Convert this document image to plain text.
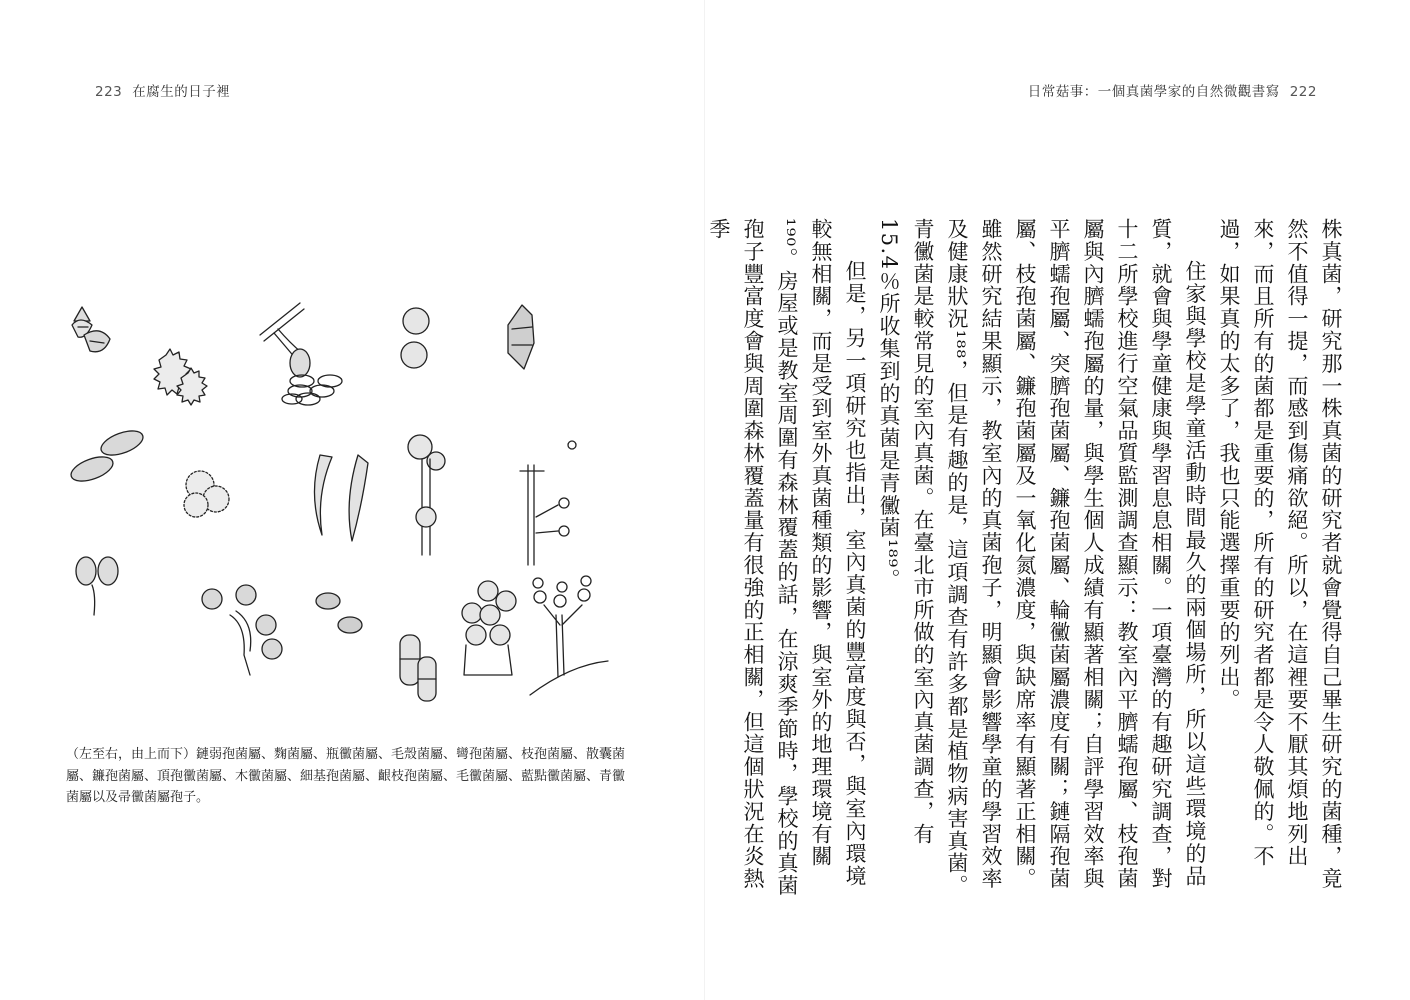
223 在腐生的日子裡	日常菇事：一個真菌學家的自然微觀書寫 222
（左至右，由上而下）鏈弱孢菌屬、麴菌屬、瓶黴菌屬、毛殼菌屬、彎孢菌屬、枝孢菌屬、散囊菌屬、鐮孢菌屬、頂孢黴菌屬、木黴菌屬、細基孢菌屬、齦枝孢菌屬、毛黴菌屬、藍點黴菌屬、青黴菌屬以及帚黴菌屬孢子。	株真菌，研究那一株真菌的研究者就會覺得自己畢生研究的菌種，竟然不值得一提，而感到傷痛欲絕。所以，在這裡要不厭其煩地列出來，而且所有的菌都是重要的，所有的研究者都是令人敬佩的。不過，如果真的太多了，我也只能選擇重要的列出。

住家與學校是學童活動時間最久的兩個場所，所以這些環境的品質，就會與學童健康與學習息息相關。一項臺灣的有趣研究調查，對十二所學校進行空氣品質監測調查顯示：教室內平臍蠕孢屬、枝孢菌屬與內臍蠕孢屬的量，與學生個人成績有顯著相關；自評學習效率與平臍蠕孢屬、突臍孢菌屬、鐮孢菌屬、輪黴菌屬濃度有關；鏈隔孢菌屬、枝孢菌屬、鐮孢菌屬及一氧化氮濃度，與缺席率有顯著正相關。雖然研究結果顯示，教室內的真菌孢子，明顯會影響學童的學習效率及健康狀況¹⁸⁸，但是有趣的是，這項調查有許多都是植物病害真菌。青黴菌是較常見的室內真菌。在臺北市所做的室內真菌調查，有15.4％所收集到的真菌是青黴菌¹⁸⁹。

但是，另一項研究也指出，室內真菌的豐富度與否，與室內環境較無相關，而是受到室外真菌種類的影響，與室外的地理環境有關¹⁹⁰。房屋或是教室周圍有森林覆蓋的話，在涼爽季節時，學校的真菌孢子豐富度會與周圍森林覆蓋量有很強的正相關，但這個狀況在炎熱季
